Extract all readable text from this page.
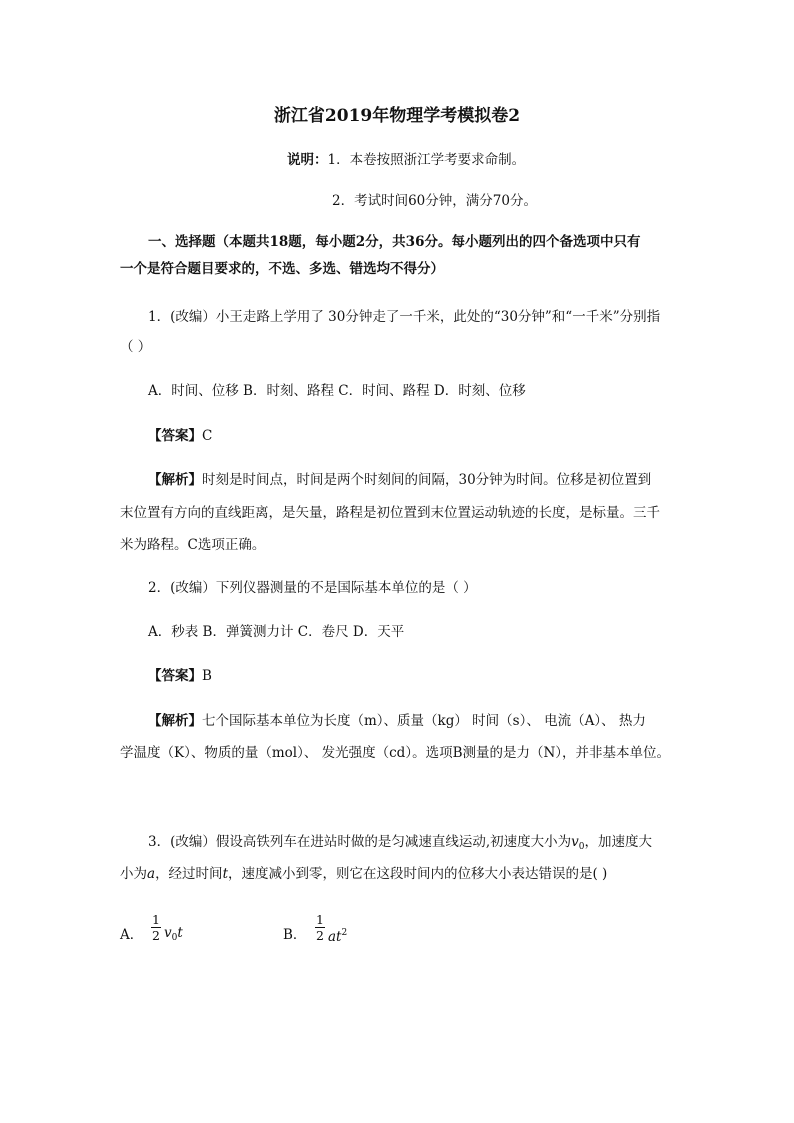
浙江省2019年物理学考模拟卷2
说明：1．本卷按照浙江学考要求命制。
2．考试时间60分钟，满分70分。
一、选择题（本题共18题，每小题2分，共36分。每小题列出的四个备选项中只有
一个是符合题目要求的，不选、多选、错选均不得分）
1．(改编）小王走路上学用了 30分钟走了一千米，此处的“30分钟”和“一千米”分别指
（ ）
A．时间、位移 B．时刻、路程 C．时间、路程 D．时刻、位移
【答案】C
【解析】时刻是时间点，时间是两个时刻间的间隔，30分钟为时间。位移是初位置到
末位置有方向的直线距离，是矢量，路程是初位置到末位置运动轨迹的长度，是标量。三千
米为路程。C选项正确。
2．(改编）下列仪器测量的不是国际基本单位的是（ ）
A．秒表 B．弹簧测力计 C．卷尺 D．天平
【答案】B
【解析】七个国际基本单位为长度（m）、质量（kg） 时间（s）、 电流（A）、 热力
学温度（K）、物质的量（mol）、 发光强度（cd）。选项B测量的是力（N），并非基本单位。
3．(改编）假设高铁列车在进站时做的是匀减速直线运动,初速度大小为$v_0$，加速度大
小为a，经过时间t，速度减小到零，则它在这段时间内的位移大小表达错误的是( )
A． $\frac{1}{2} v_0t$	B． $\frac{1}{2} at^2$
